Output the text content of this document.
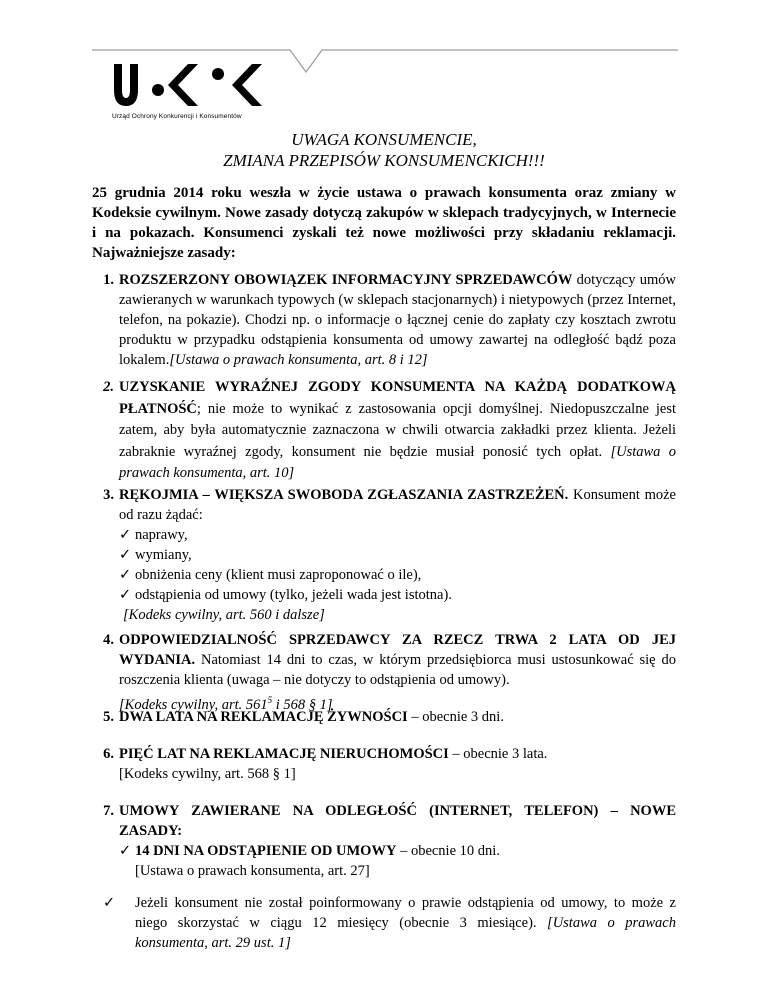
Urząd Ochrony Konkurencji i Konsumentów
UWAGA KONSUMENCIE,
ZMIANA PRZEPISÓW KONSUMENCKICH!!!
25 grudnia 2014 roku weszła w życie ustawa o prawach konsumenta oraz zmiany w Kodeksie cywilnym. Nowe zasady dotyczą zakupów w sklepach tradycyjnych, w Internecie i na pokazach. Konsumenci zyskali też nowe możliwości przy składaniu reklamacji. Najważniejsze zasady:
1. ROZSZERZONY OBOWIĄZEK INFORMACYJNY SPRZEDAWCÓW dotyczący umów zawieranych w warunkach typowych (w sklepach stacjonarnych) i nietypowych (przez Internet, telefon, na pokazie). Chodzi np. o informacje o łącznej cenie do zapłaty czy kosztach zwrotu produktu w przypadku odstąpienia konsumenta od umowy zawartej na odległość bądź poza lokalem.[Ustawa o prawach konsumenta, art. 8 i 12]
2. UZYSKANIE WYRAŹNEJ ZGODY KONSUMENTA NA KAŻDĄ DODATKOWĄ PŁATNOŚĆ; nie może to wynikać z zastosowania opcji domyślnej. Niedopuszczalne jest zatem, aby była automatycznie zaznaczona w chwili otwarcia zakładki przez klienta. Jeżeli zabraknie wyraźnej zgody, konsument nie będzie musiał ponosić tych opłat. [Ustawa o prawach konsumenta, art. 10]
3. RĘKOJMIA – WIĘKSZA SWOBODA ZGŁASZANIA ZASTRZEŻEŃ. Konsument może od razu żądać:
✓ naprawy,
✓ wymiany,
✓ obniżenia ceny (klient musi zaproponować o ile),
✓ odstąpienia od umowy (tylko, jeżeli wada jest istotna).
[Kodeks cywilny, art. 560 i dalsze]
4. ODPOWIEDZIALNOŚĆ SPRZEDAWCY ZA RZECZ TRWA 2 LATA OD JEJ WYDANIA. Natomiast 14 dni to czas, w którym przedsiębiorca musi ustosunkować się do roszczenia klienta (uwaga – nie dotyczy to odstąpienia od umowy).
[Kodeks cywilny, art. $561^5$ i 568 § 1]
5. DWA LATA NA REKLAMACJĘ ŻYWNOŚCI – obecnie 3 dni.
6. PIĘĆ LAT NA REKLAMACJĘ NIERUCHOMOŚCI – obecnie 3 lata.
[Kodeks cywilny, art. 568 § 1]
7. UMOWY ZAWIERANE NA ODLEGŁOŚĆ (INTERNET, TELEFON) – NOWE ZASADY:
✓ 14 DNI NA ODSTĄPIENIE OD UMOWY – obecnie 10 dni.
[Ustawa o prawach konsumenta, art. 27]
✓ Jeżeli konsument nie został poinformowany o prawie odstąpienia od umowy, to może z niego skorzystać w ciągu 12 miesięcy (obecnie 3 miesiące). [Ustawa o prawach konsumenta, art. 29 ust. 1]
